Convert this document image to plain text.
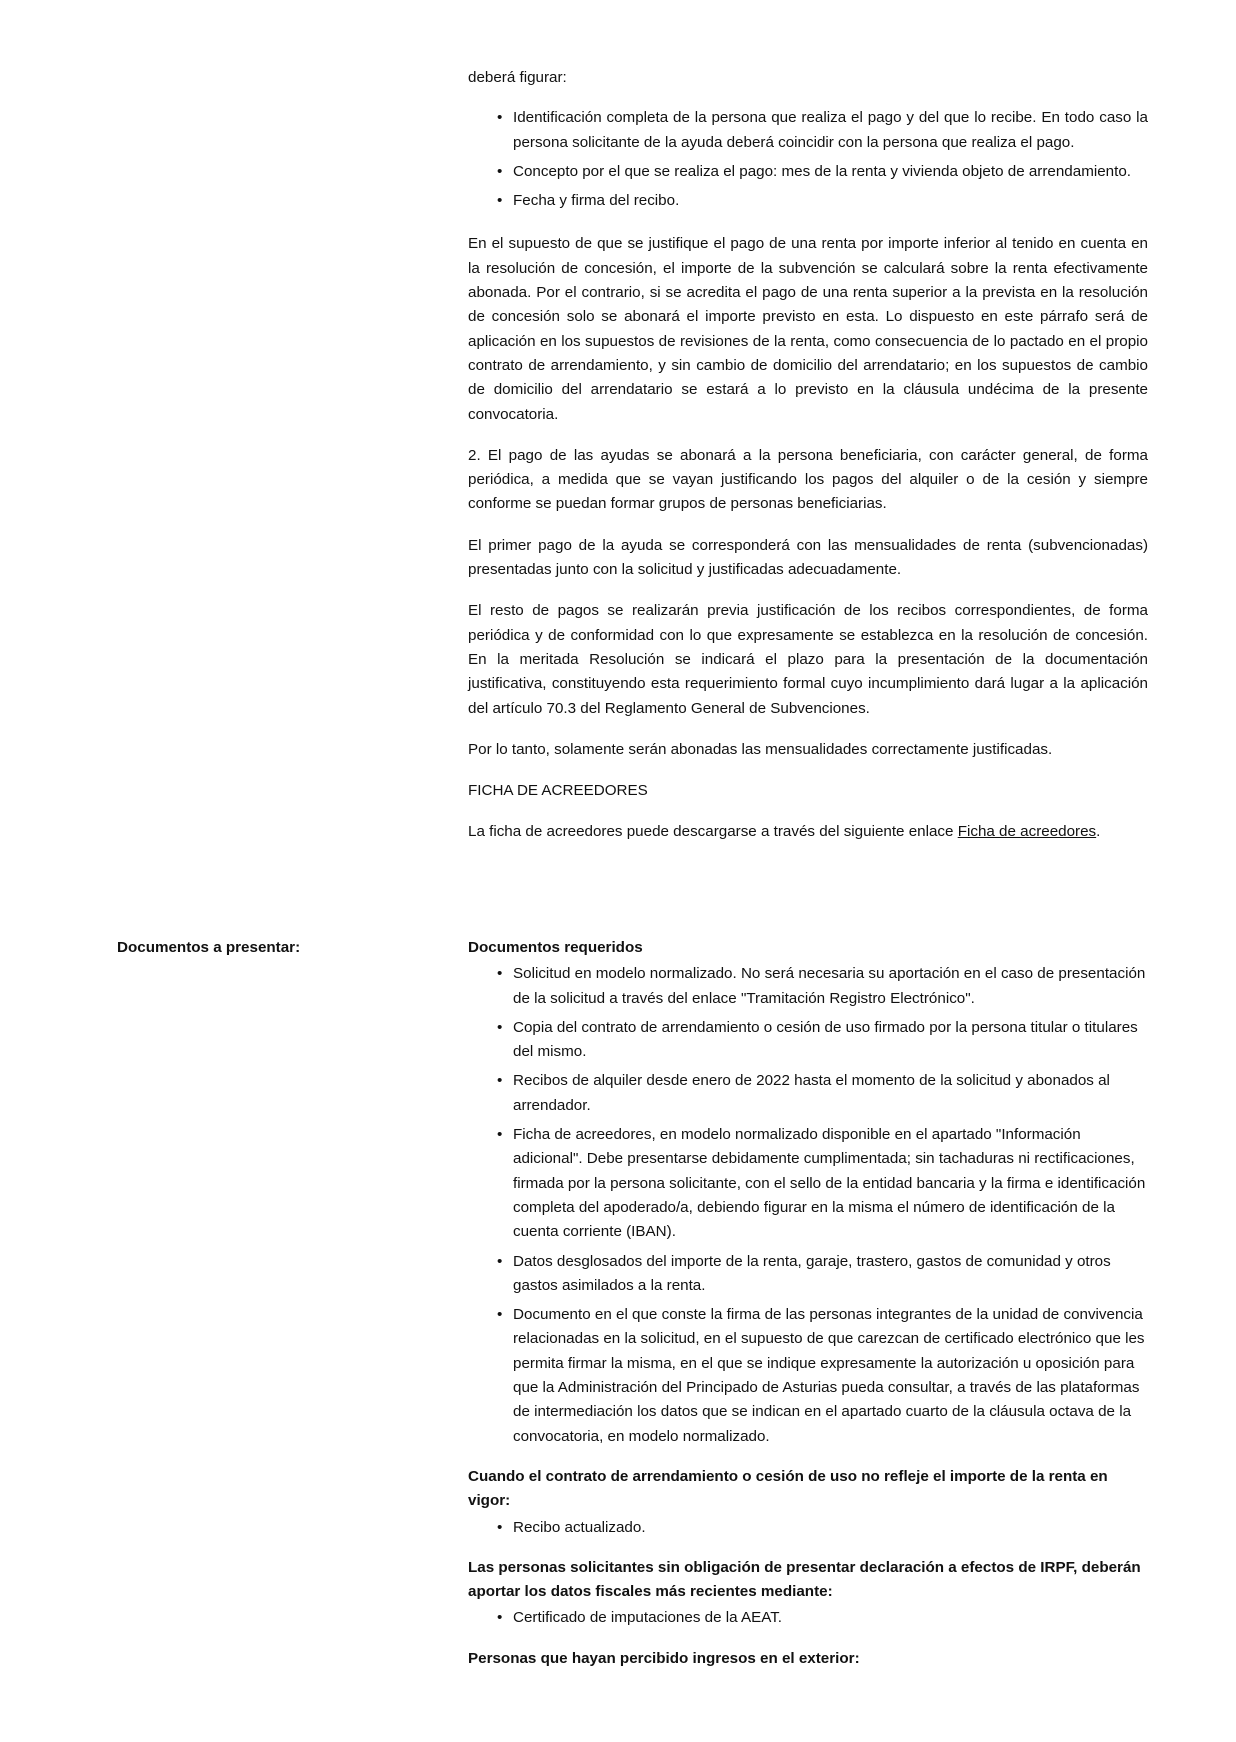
deberá figurar:

• Identificación completa de la persona que realiza el pago y del que lo recibe. En todo caso la persona solicitante de la ayuda deberá coincidir con la persona que realiza el pago.
• Concepto por el que se realiza el pago: mes de la renta y vivienda objeto de arrendamiento.
• Fecha y firma del recibo.

En el supuesto de que se justifique el pago de una renta por importe inferior al tenido en cuenta en la resolución de concesión, el importe de la subvención se calculará sobre la renta efectivamente abonada. Por el contrario, si se acredita el pago de una renta superior a la prevista en la resolución de concesión solo se abonará el importe previsto en esta. Lo dispuesto en este párrafo será de aplicación en los supuestos de revisiones de la renta, como consecuencia de lo pactado en el propio contrato de arrendamiento, y sin cambio de domicilio del arrendatario; en los supuestos de cambio de domicilio del arrendatario se estará a lo previsto en la cláusula undécima de la presente convocatoria.

2. El pago de las ayudas se abonará a la persona beneficiaria, con carácter general, de forma periódica, a medida que se vayan justificando los pagos del alquiler o de la cesión y siempre conforme se puedan formar grupos de personas beneficiarias.

El primer pago de la ayuda se corresponderá con las mensualidades de renta (subvencionadas) presentadas junto con la solicitud y justificadas adecuadamente.

El resto de pagos se realizarán previa justificación de los recibos correspondientes, de forma periódica y de conformidad con lo que expresamente se establezca en la resolución de concesión. En la meritada Resolución se indicará el plazo para la presentación de la documentación justificativa, constituyendo esta requerimiento formal cuyo incumplimiento dará lugar a la aplicación del artículo 70.3 del Reglamento General de Subvenciones.

Por lo tanto, solamente serán abonadas las mensualidades correctamente justificadas.

FICHA DE ACREEDORES

La ficha de acreedores puede descargarse a través del siguiente enlace Ficha de acreedores.

Documentos a presentar:	Documentos requeridos

• Solicitud en modelo normalizado. No será necesaria su aportación en el caso de presentación de la solicitud a través del enlace "Tramitación Registro Electrónico".
• Copia del contrato de arrendamiento o cesión de uso firmado por la persona titular o titulares del mismo.
• Recibos de alquiler desde enero de 2022 hasta el momento de la solicitud y abonados al arrendador.
• Ficha de acreedores, en modelo normalizado disponible en el apartado "Información adicional". Debe presentarse debidamente cumplimentada; sin tachaduras ni rectificaciones, firmada por la persona solicitante, con el sello de la entidad bancaria y la firma e identificación completa del apoderado/a, debiendo figurar en la misma el número de identificación de la cuenta corriente (IBAN).
• Datos desglosados del importe de la renta, garaje, trastero, gastos de comunidad y otros gastos asimilados a la renta.
• Documento en el que conste la firma de las personas integrantes de la unidad de convivencia relacionadas en la solicitud, en el supuesto de que carezcan de certificado electrónico que les permita firmar la misma, en el que se indique expresamente la autorización u oposición para que la Administración del Principado de Asturias pueda consultar, a través de las plataformas de intermediación los datos que se indican en el apartado cuarto de la cláusula octava de la convocatoria, en modelo normalizado.

Cuando el contrato de arrendamiento o cesión de uso no refleje el importe de la renta en vigor:

• Recibo actualizado.

Las personas solicitantes sin obligación de presentar declaración a efectos de IRPF, deberán aportar los datos fiscales más recientes mediante:

• Certificado de imputaciones de la AEAT.

Personas que hayan percibido ingresos en el exterior:
